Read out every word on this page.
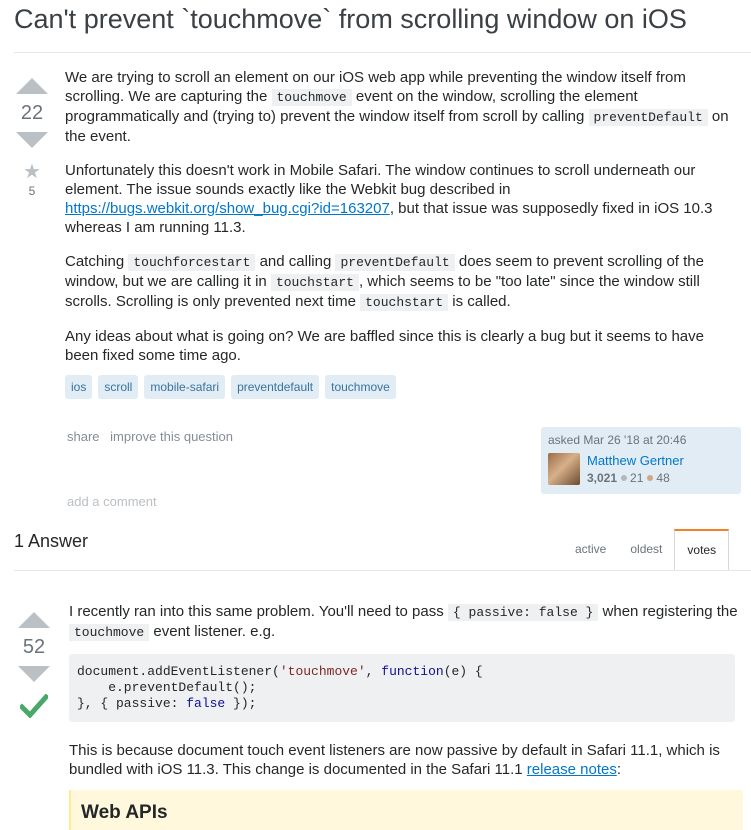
Can't prevent `touchmove` from scrolling window on iOS
22
★
5

We are trying to scroll an element on our iOS web app while preventing the window itself from scrolling. We are capturing the touchmove event on the window, scrolling the element programmatically and (trying to) prevent the window itself from scroll by calling preventDefault on the event.

Unfortunately this doesn't work in Mobile Safari. The window continues to scroll underneath our element. The issue sounds exactly like the Webkit bug described in https://bugs.webkit.org/show_bug.cgi?id=163207, but that issue was supposedly fixed in iOS 10.3 whereas I am running 11.3.

Catching touchforcestart and calling preventDefault does seem to prevent scrolling of the window, but we are calling it in touchstart , which seems to be "too late" since the window still scrolls. Scrolling is only prevented next time touchstart is called.

Any ideas about what is going on? We are baffled since this is clearly a bug but it seems to have been fixed some time ago.

ios	scroll	mobile-safari	preventdefault	touchmove
share improve this question	asked Mar 26 '18 at 20:46
Matthew Gertner
3,021 21 48
add a comment
1 Answer	active	oldest	votes
52

I recently ran into this same problem. You'll need to pass { passive: false } when registering the touchmove event listener. e.g.

document.addEventListener('touchmove', function(e) {
e.preventDefault();
}, { passive: false });

This is because document touch event listeners are now passive by default in Safari 11.1, which is bundled with iOS 11.3. This change is documented in the Safari 11.1 release notes:

Web APIs
